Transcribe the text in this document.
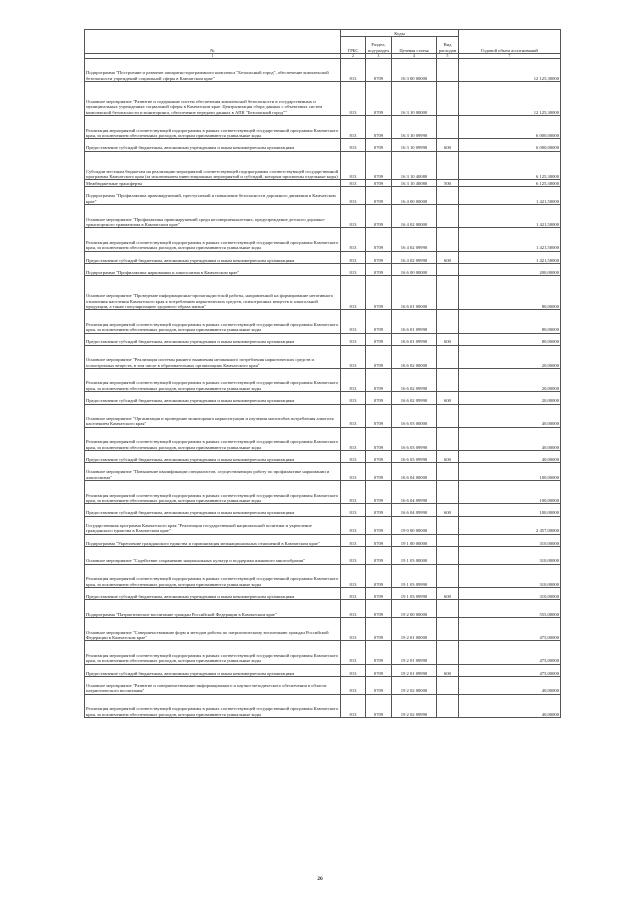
№	Коды				Годовой объем ассигнований
	ГРБС	Раздел, под-раздел	Целевая статья	Вид расходов	
1	2	3	4	5	7
Подпрограмма "Построение и развитие аппаратно-программного комплекса "Безопасный город", обеспечение комплексной безопасности учреждений социальной сферы в Камчатском крае"	813	0709	16 3 00 00000		12 125,30000
Основное мероприятие "Развитие и содержание систем обеспечения комплексной безопасности в государственных и муниципальных учреждениях социальной сферы в Камчатском крае. Централизация сбора данных с объектовых систем комплексной безопасности и мониторинга, обеспечение передачи данных в АПК "Безопасный город""	813	0709	16 3 10 00000		12 125,30000
Реализация мероприятий соответствующей подпрограммы в рамках соответствующей государственной программы Камчатского края, за исключением обеспеченных расходов, которым присваиваются уникальные коды	813	0709	16 3 10 09990		6 000,00000
Предоставление субсидий бюджетным, автономным учреждениям и иным некоммерческим организациям	813	0709	16 3 10 09990	600	6 000,00000
Субсидии местным бюджетам на реализацию мероприятий соответствующей подпрограммы соответствующей государственной программы Камчатского края (за исключением инвестиционных мероприятий и субсидий, которым присвоены отдельные коды)	813	0709	16 3 10 40080		6 125,30000
Межбюджетные трансферты	813	0709	16 3 10 40080	500	6 125,30000
Подпрограмма "Профилактика правонарушений, преступлений и повышение безопасности дорожного движения в Камчатском крае"	813	0709	16 4 00 00000		1 421,50000
Основное мероприятие "Профилактика правонарушений среди несовершеннолетних, предупреждение детского дорожно-транспортного травматизма в Камчатском крае"	813	0709	16 4 02 00000		1 421,50000
Реализация мероприятий соответствующей подпрограммы в рамках соответствующей государственной программы Камчатского края, за исключением обеспеченных расходов, которым присваиваются уникальные коды	813	0709	16 4 02 09990		1 421,50000
Предоставление субсидий бюджетным, автономным учреждениям и иным некоммерческим организациям	813	0709	16 4 02 09990	600	1 421,50000
Подпрограмма "Профилактика наркомании и алкоголизма в Камчатском крае"	813	0709	16 6 00 00000		200,00000
Основное мероприятие "Проведение информационно-пропагандистской работы, направленной на формирование негативного отношения населения Камчатского края к потреблению наркотических средств, психотропных веществ и алкогольной продукции, а также популяризацию здорового образа жизни"	813	0709	16 6 01 00000		80,00000
Реализация мероприятий соответствующей подпрограммы в рамках соответствующей государственной программы Камчатского края, за исключением обеспеченных расходов, которым присваиваются уникальные коды	813	0709	16 6 01 09990		80,00000
Предоставление субсидий бюджетным, автономным учреждениям и иным некоммерческим организациям	813	0709	16 6 01 09990	600	80,00000
Основное мероприятие "Реализация системы раннего выявления незаконного потребления наркотических средств и психотропных веществ, в том числе в образовательных организациях Камчатского края"	813	0709	16 6 02 00000		20,00000
Реализация мероприятий соответствующей подпрограммы в рамках соответствующей государственной программы Камчатского края, за исключением обеспеченных расходов, которым присваиваются уникальные коды	813	0709	16 6 02 09990		20,00000
Предоставление субсидий бюджетным, автономным учреждениям и иным некоммерческим организациям	813	0709	16 6 02 09990	600	20,00000
Основное мероприятие "Организация и проведение мониторинга наркоситуации и изучения масштабов потребления алкоголя населением Камчатского края"	813	0709	16 6 03 00000		40,00000
Реализация мероприятий соответствующей подпрограммы в рамках соответствующей государственной программы Камчатского края, за исключением обеспеченных расходов, которым присваиваются уникальные коды	813	0709	16 6 03 09990		40,00000
Предоставление субсидий бюджетным, автономным учреждениям и иным некоммерческим организациям	813	0709	16 6 03 09990	600	40,00000
Основное мероприятие "Повышение квалификации специалистов, осуществляющих работу по профилактике наркомании и алкоголизма"	813	0709	16 6 04 00000		100,00000
Реализация мероприятий соответствующей подпрограммы в рамках соответствующей государственной программы Камчатского края, за исключением обеспеченных расходов, которым присваиваются уникальные коды	813	0709	16 6 04 09990		100,00000
Предоставление субсидий бюджетным, автономным учреждениям и иным некоммерческим организациям	813	0709	16 6 04 09990	600	100,00000
Государственная программа Камчатского края "Реализация государственной национальной политики и укрепление гражданского единства в Камчатском крае"	813	0709	19 0 00 00000		2 457,00000
Подпрограмма "Укрепление гражданского единства и гармонизация межнациональных отношений в Камчатском крае"	813	0709	19 1 00 00000		310,00000
Основное мероприятие "Содействие сохранению национальных культур и поддержка языкового многообразия"	813	0709	19 1 03 00000		310,00000
Реализация мероприятий соответствующей подпрограммы в рамках соответствующей государственной программы Камчатского края, за исключением обеспеченных расходов, которым присваиваются уникальные коды	813	0709	19 1 03 09990		310,00000
Предоставление субсидий бюджетным, автономным учреждениям и иным некоммерческим организациям	813	0709	19 1 03 09990	600	310,00000
Подпрограмма "Патриотическое воспитание граждан Российской Федерации в Камчатском крае"	813	0709	19 2 00 00000		555,00000
Основное мероприятие "Совершенствование форм и методов работы по патриотическому воспитанию граждан Российской Федерации в Камчатском крае"	813	0709	19 2 01 00000		475,00000
Реализация мероприятий соответствующей подпрограммы в рамках соответствующей государственной программы Камчатского края, за исключением обеспеченных расходов, которым присваиваются уникальные коды	813	0709	19 2 01 09990		475,00000
Предоставление субсидий бюджетным, автономным учреждениям и иным некоммерческим организациям	813	0709	19 2 01 09990	600	475,00000
Основное мероприятие "Развитие и совершенствование информационного и научно-методического обеспечения в области патриотического воспитания"	813	0709	19 2 02 00000		40,00000
Реализация мероприятий соответствующей подпрограммы в рамках соответствующей государственной программы Камчатского края, за исключением обеспеченных расходов, которым присваиваются уникальные коды	813	0709	19 2 02 09990		40,00000
26
